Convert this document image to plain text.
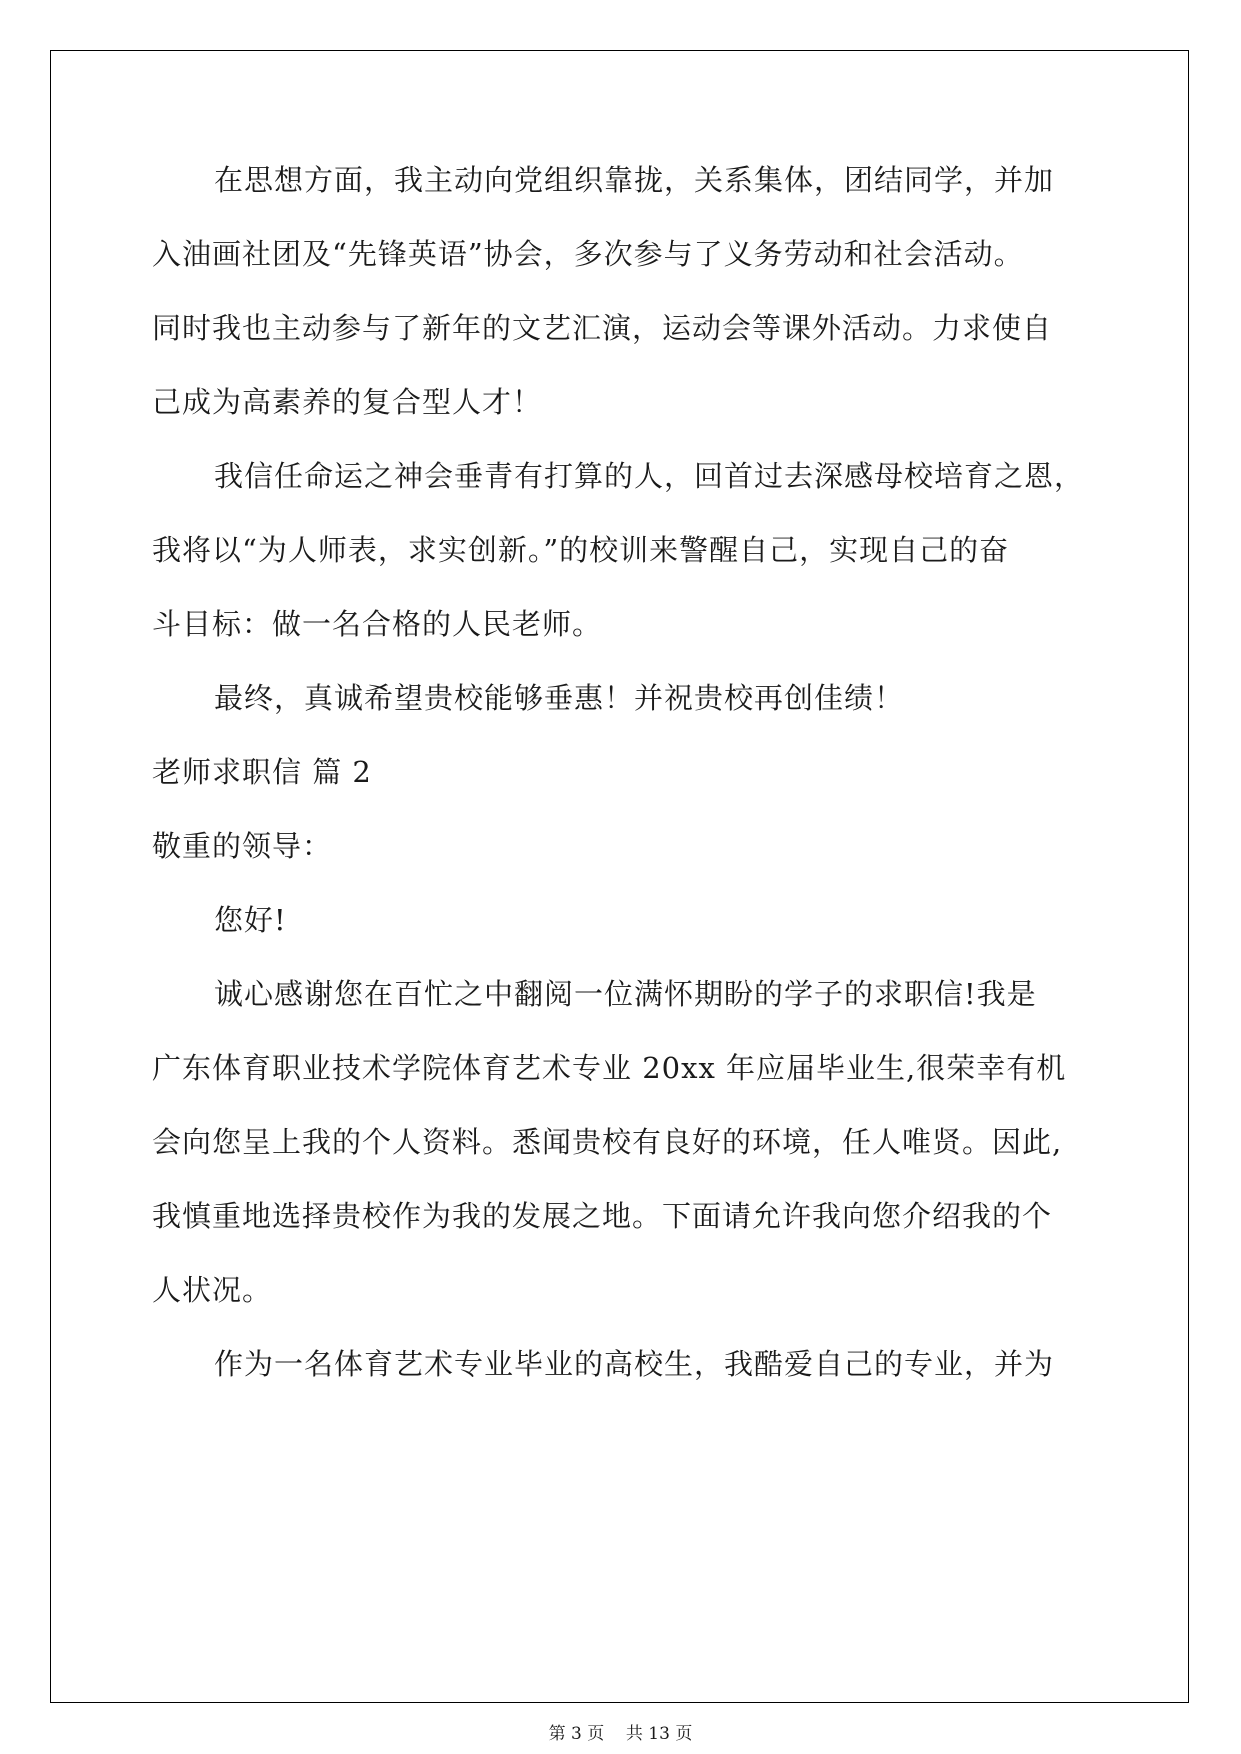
在思想方面，我主动向党组织靠拢，关系集体，团结同学，并加
入油画社团及“先锋英语”协会，多次参与了义务劳动和社会活动。
同时我也主动参与了新年的文艺汇演，运动会等课外活动。力求使自
己成为高素养的复合型人才！
我信任命运之神会垂青有打算的人，回首过去深感母校培育之恩，
我将以“为人师表，求实创新。”的校训来警醒自己，实现自己的奋
斗目标：做一名合格的人民老师。
最终，真诚希望贵校能够垂惠！并祝贵校再创佳绩！
老师求职信 篇 2
敬重的领导：
您好!
诚心感谢您在百忙之中翻阅一位满怀期盼的学子的求职信!我是
广东体育职业技术学院体育艺术专业 20xx 年应届毕业生,很荣幸有机
会向您呈上我的个人资料。悉闻贵校有良好的环境，任人唯贤。因此,
我慎重地选择贵校作为我的发展之地。下面请允许我向您介绍我的个
人状况。
作为一名体育艺术专业毕业的高校生，我酷爱自己的专业，并为
第 3 页    共 13 页
